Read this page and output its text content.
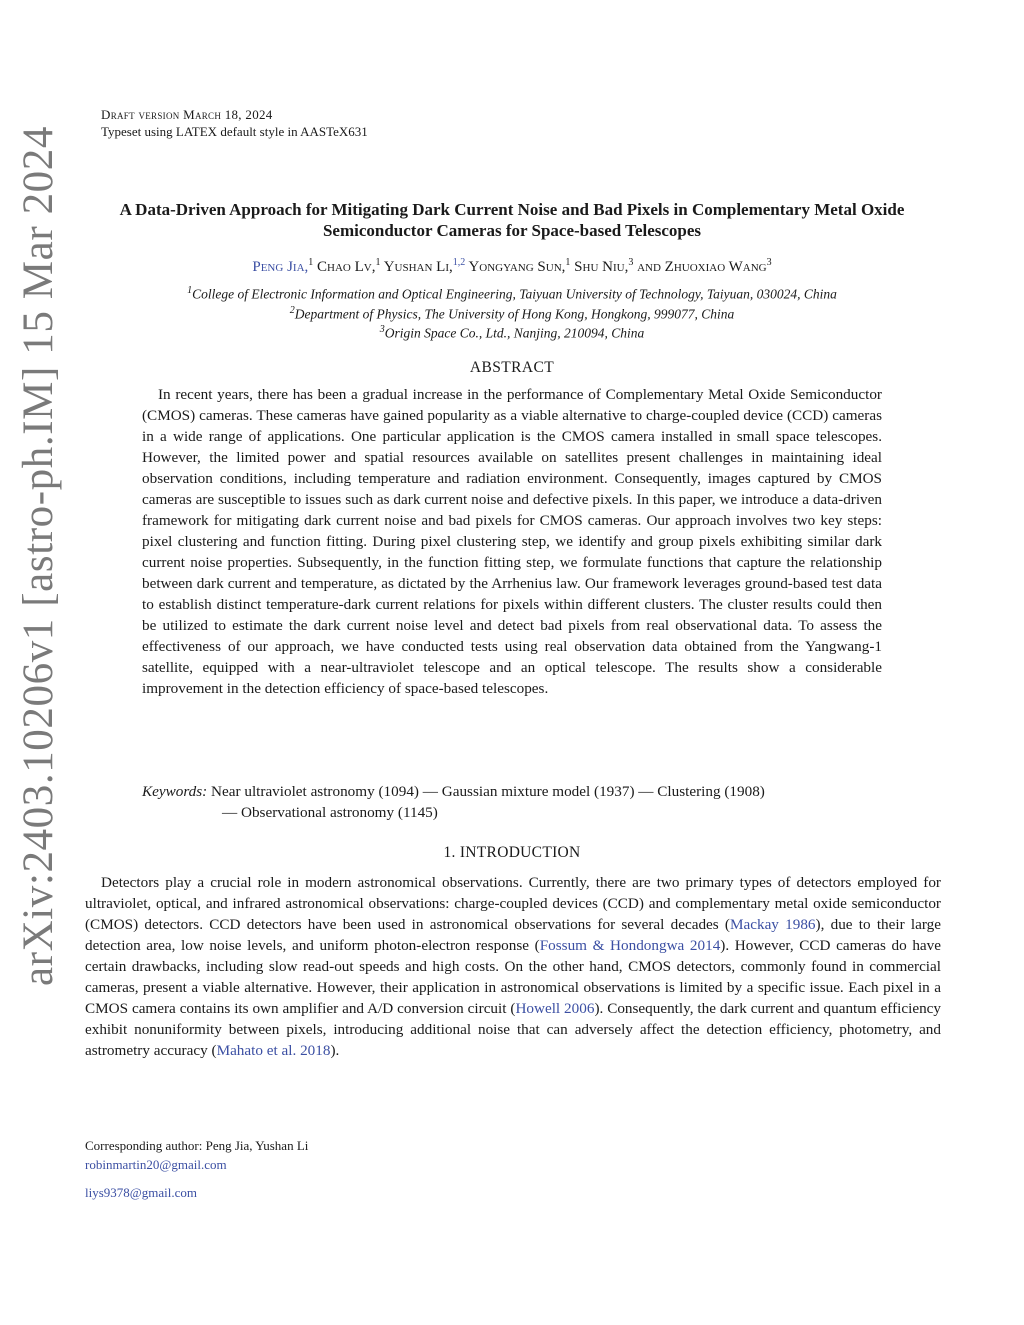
arXiv:2403.10206v1 [astro-ph.IM] 15 Mar 2024
Draft version March 18, 2024
Typeset using LATEX default style in AASTeX631
A Data-Driven Approach for Mitigating Dark Current Noise and Bad Pixels in Complementary Metal Oxide Semiconductor Cameras for Space-based Telescopes
Peng Jia,$^1$ Chao Lv,$^1$ Yushan Li,$^{1,2}$ Yongyang Sun,$^1$ Shu Niu,$^3$ and Zhuoxiao Wang$^3$
$^1$College of Electronic Information and Optical Engineering, Taiyuan University of Technology, Taiyuan, 030024, China
$^2$Department of Physics, The University of Hong Kong, Hongkong, 999077, China
$^3$Origin Space Co., Ltd., Nanjing, 210094, China
ABSTRACT
In recent years, there has been a gradual increase in the performance of Complementary Metal Oxide Semiconductor (CMOS) cameras. These cameras have gained popularity as a viable alternative to charge-coupled device (CCD) cameras in a wide range of applications. One particular application is the CMOS camera installed in small space telescopes. However, the limited power and spatial resources available on satellites present challenges in maintaining ideal observation conditions, including temperature and radiation environment. Consequently, images captured by CMOS cameras are susceptible to issues such as dark current noise and defective pixels. In this paper, we introduce a data-driven framework for mitigating dark current noise and bad pixels for CMOS cameras. Our approach involves two key steps: pixel clustering and function fitting. During pixel clustering step, we identify and group pixels exhibiting similar dark current noise properties. Subsequently, in the function fitting step, we formulate functions that capture the relationship between dark current and temperature, as dictated by the Arrhenius law. Our framework leverages ground-based test data to establish distinct temperature-dark current relations for pixels within different clusters. The cluster results could then be utilized to estimate the dark current noise level and detect bad pixels from real observational data. To assess the effectiveness of our approach, we have conducted tests using real observation data obtained from the Yangwang-1 satellite, equipped with a near-ultraviolet telescope and an optical telescope. The results show a considerable improvement in the detection efficiency of space-based telescopes.
Keywords: Near ultraviolet astronomy (1094) — Gaussian mixture model (1937) — Clustering (1908)
— Observational astronomy (1145)
1. INTRODUCTION
Detectors play a crucial role in modern astronomical observations. Currently, there are two primary types of detectors employed for ultraviolet, optical, and infrared astronomical observations: charge-coupled devices (CCD) and complementary metal oxide semiconductor (CMOS) detectors. CCD detectors have been used in astronomical observations for several decades (Mackay 1986), due to their large detection area, low noise levels, and uniform photon-electron response (Fossum & Hondongwa 2014). However, CCD cameras do have certain drawbacks, including slow read-out speeds and high costs. On the other hand, CMOS detectors, commonly found in commercial cameras, present a viable alternative. However, their application in astronomical observations is limited by a specific issue. Each pixel in a CMOS camera contains its own amplifier and A/D conversion circuit (Howell 2006). Consequently, the dark current and quantum efficiency exhibit nonuniformity between pixels, introducing additional noise that can adversely affect the detection efficiency, photometry, and astrometry accuracy (Mahato et al. 2018).
Corresponding author: Peng Jia, Yushan Li
robinmartin20@gmail.com
liys9378@gmail.com
